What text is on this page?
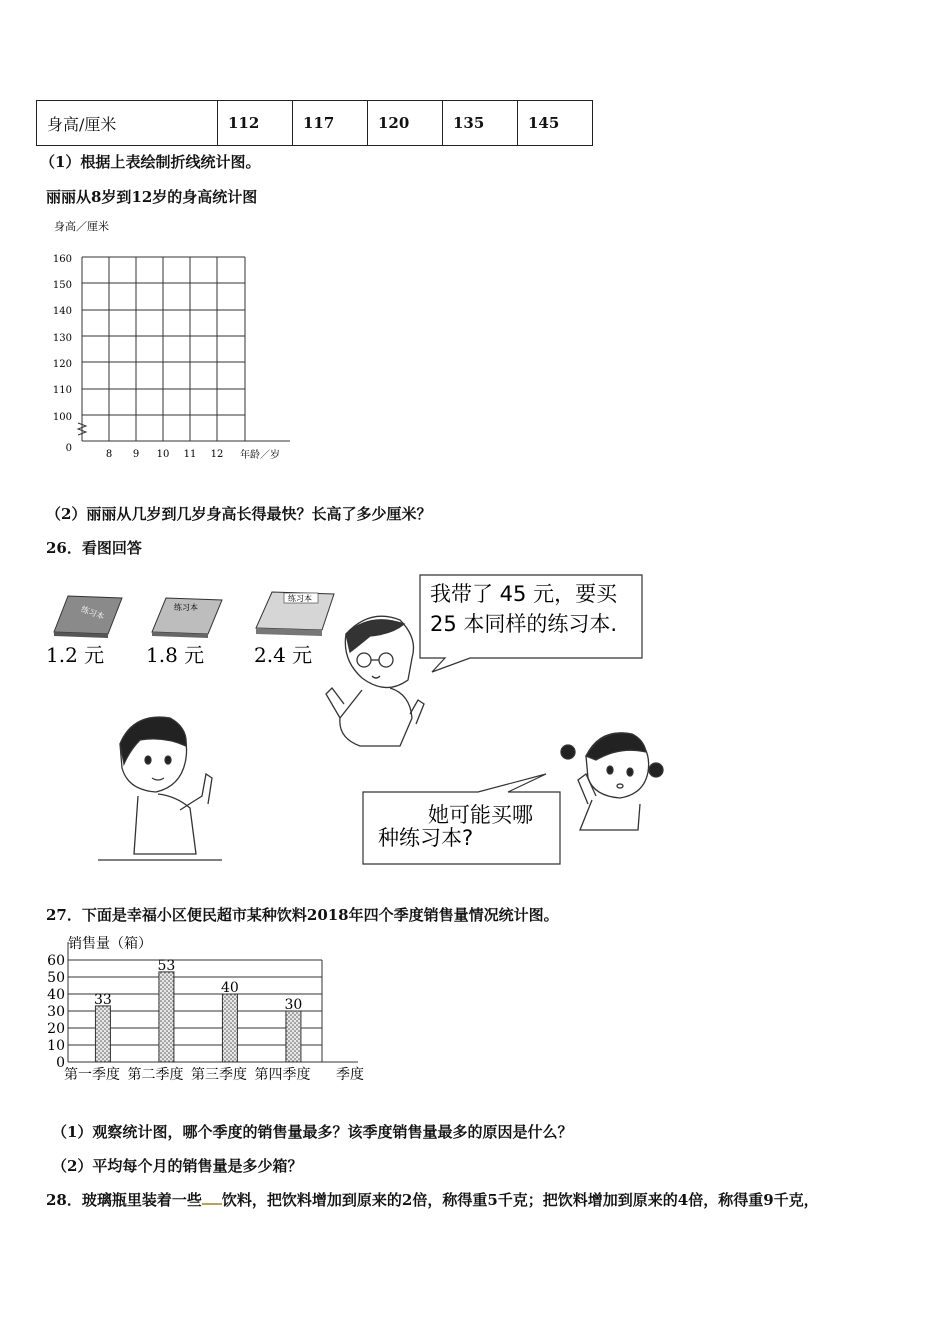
身高/厘米	112	117	120	135	145
（1）根据上表绘制折线统计图。
丽丽从8岁到12岁的身高统计图
身高／厘米
160
150
140
130
120
110
100
0
8 9 10 11 12 年龄／岁
（2）丽丽从几岁到几岁身高长得最快？长高了多少厘米？
26．看图回答
练习本	练习本
练习本
1.2 元 1.8 元 2.4 元
我带了 45 元，要买
25 本同样的练习本.
她可能买哪
种练习本?
27．下面是幸福小区便民超市某种饮料2018年四个季度销售量情况统计图。
销售量（箱）
0
10
20
30
40
50
60
33
53
40
30
第一季度 第二季度 第三季度 第四季度 季度
（1）观察统计图，哪个季度的销售量最多？该季度销售量最多的原因是什么？
（2）平均每个月的销售量是多少箱？
28．玻璃瓶里装着一些 饮料，把饮料增加到原来的2倍，称得重5千克；把饮料增加到原来的4倍，称得重9千克，
